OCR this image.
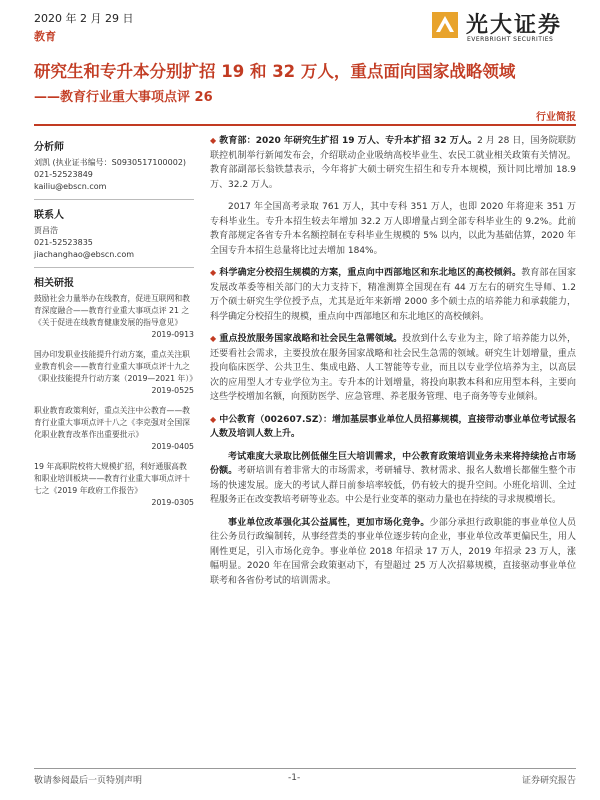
2020 年 2 月 29 日
教育	光大证券
EVERBRIGHT SECURITIES
研究生和专升本分别扩招 19 和 32 万人，重点面向国家战略领域
——教育行业重大事项点评 26
行业简报
分析师
刘凯 (执业证书编号：S0930517100002)
021-52523849
kailiu@ebscn.com
联系人
贾昌浩
021-52523835
jiachanghao@ebscn.com
相关研报
鼓励社会力量举办在线教育，促进互联网和教育深度融合——教育行业重大事项点评 21 之《关于促进在线教育健康发展的指导意见》
2019-0913
国办印发职业技能提升行动方案，重点关注职业教育机会——教育行业重大事项点评十九之《职业技能提升行动方案（2019—2021 年）》
2019-0525
职业教育政策利好，重点关注中公教育——教育行业重大事项点评十八之《李克强对全国深化职业教育改革作出重要批示》
2019-0405
19 年高职院校将大规模扩招，利好通服高教和职业培训板块——教育行业重大事项点评十七之《2019 年政府工作报告》
2019-0305

◆ 教育部：2020 年研究生扩招 19 万人、专升本扩招 32 万人。2 月 28 日，国务院联防联控机制举行新闻发布会，介绍联动企业吸纳高校毕业生、农民工就业相关政策有关情况。教育部副部长翁铁慧表示，今年将扩大硕士研究生招生和专升本规模，预计同比增加 18.9 万、32.2 万人。

2017 年全国高考录取 761 万人，其中专科 351 万人，也即 2020 年将迎来 351 万专科毕业生。专升本招生较去年增加 32.2 万人即增量占到全部专科毕业生的 9.2%。此前教育部规定各省专升本名额控制在专科毕业生规模的 5% 以内，以此为基础估算，2020 年全国专升本招生总量将比过去增加 184%。

◆ 科学确定分校招生规模的方案，重点向中西部地区和东北地区的高校倾斜。教育部在国家发展改革委等相关部门的大力支持下，精准测算全国现在有 44 万左右的研究生导师、1.2 万个硕士研究生学位授予点，尤其是近年来新增 2000 多个硕士点的培养能力和承载能力，科学确定分校招生的规模，重点向中西部地区和东北地区的高校倾斜。

◆ 重点投放服务国家战略和社会民生急需领域。投放到什么专业为主，除了培养能力以外，还要看社会需求，主要投放在服务国家战略和社会民生急需的领域。研究生计划增量，重点投向临床医学、公共卫生、集成电路、人工智能等专业，而且以专业学位培养为主，以高层次的应用型人才专业学位为主。专升本的计划增量，将投向职教本科和应用型本科，主要向这些学校增加名额，向预防医学、应急管理、养老服务管理、电子商务等专业倾斜。

◆ 中公教育（002607.SZ）：增加基层事业单位人员招募规模，直接带动事业单位考试报名人数及培训人数上升。

考试难度大录取比例低催生巨大培训需求，中公教育政策培训业务未来将持续抢占市场份额。考研培训有着非常大的市场需求，考研辅导、教材需求、报名人数增长都催生整个市场的快速发展。庞大的考试人群日前参培率较低，仍有较大的提升空间。小班化培训、全过程服务正在改变教培考研等业态。中公是行业变革的驱动力量也在持续的寻求规模增长。

事业单位改革强化其公益属性，更加市场化竞争。少部分承担行政职能的事业单位人员往公务员行政编制转，从事经营类的事业单位逐步转向企业，事业单位改革更偏民生，用人刚性更足，引入市场化竞争。事业单位 2018 年招录 17 万人，2019 年招录 23 万人，涨幅明显。2020 年在国常会政策驱动下，有望超过 25 万人次招募规模，直接驱动事业单位联考和各省份考试的培训需求。

敬请参阅最后一页特别声明	-1-	证券研究报告
